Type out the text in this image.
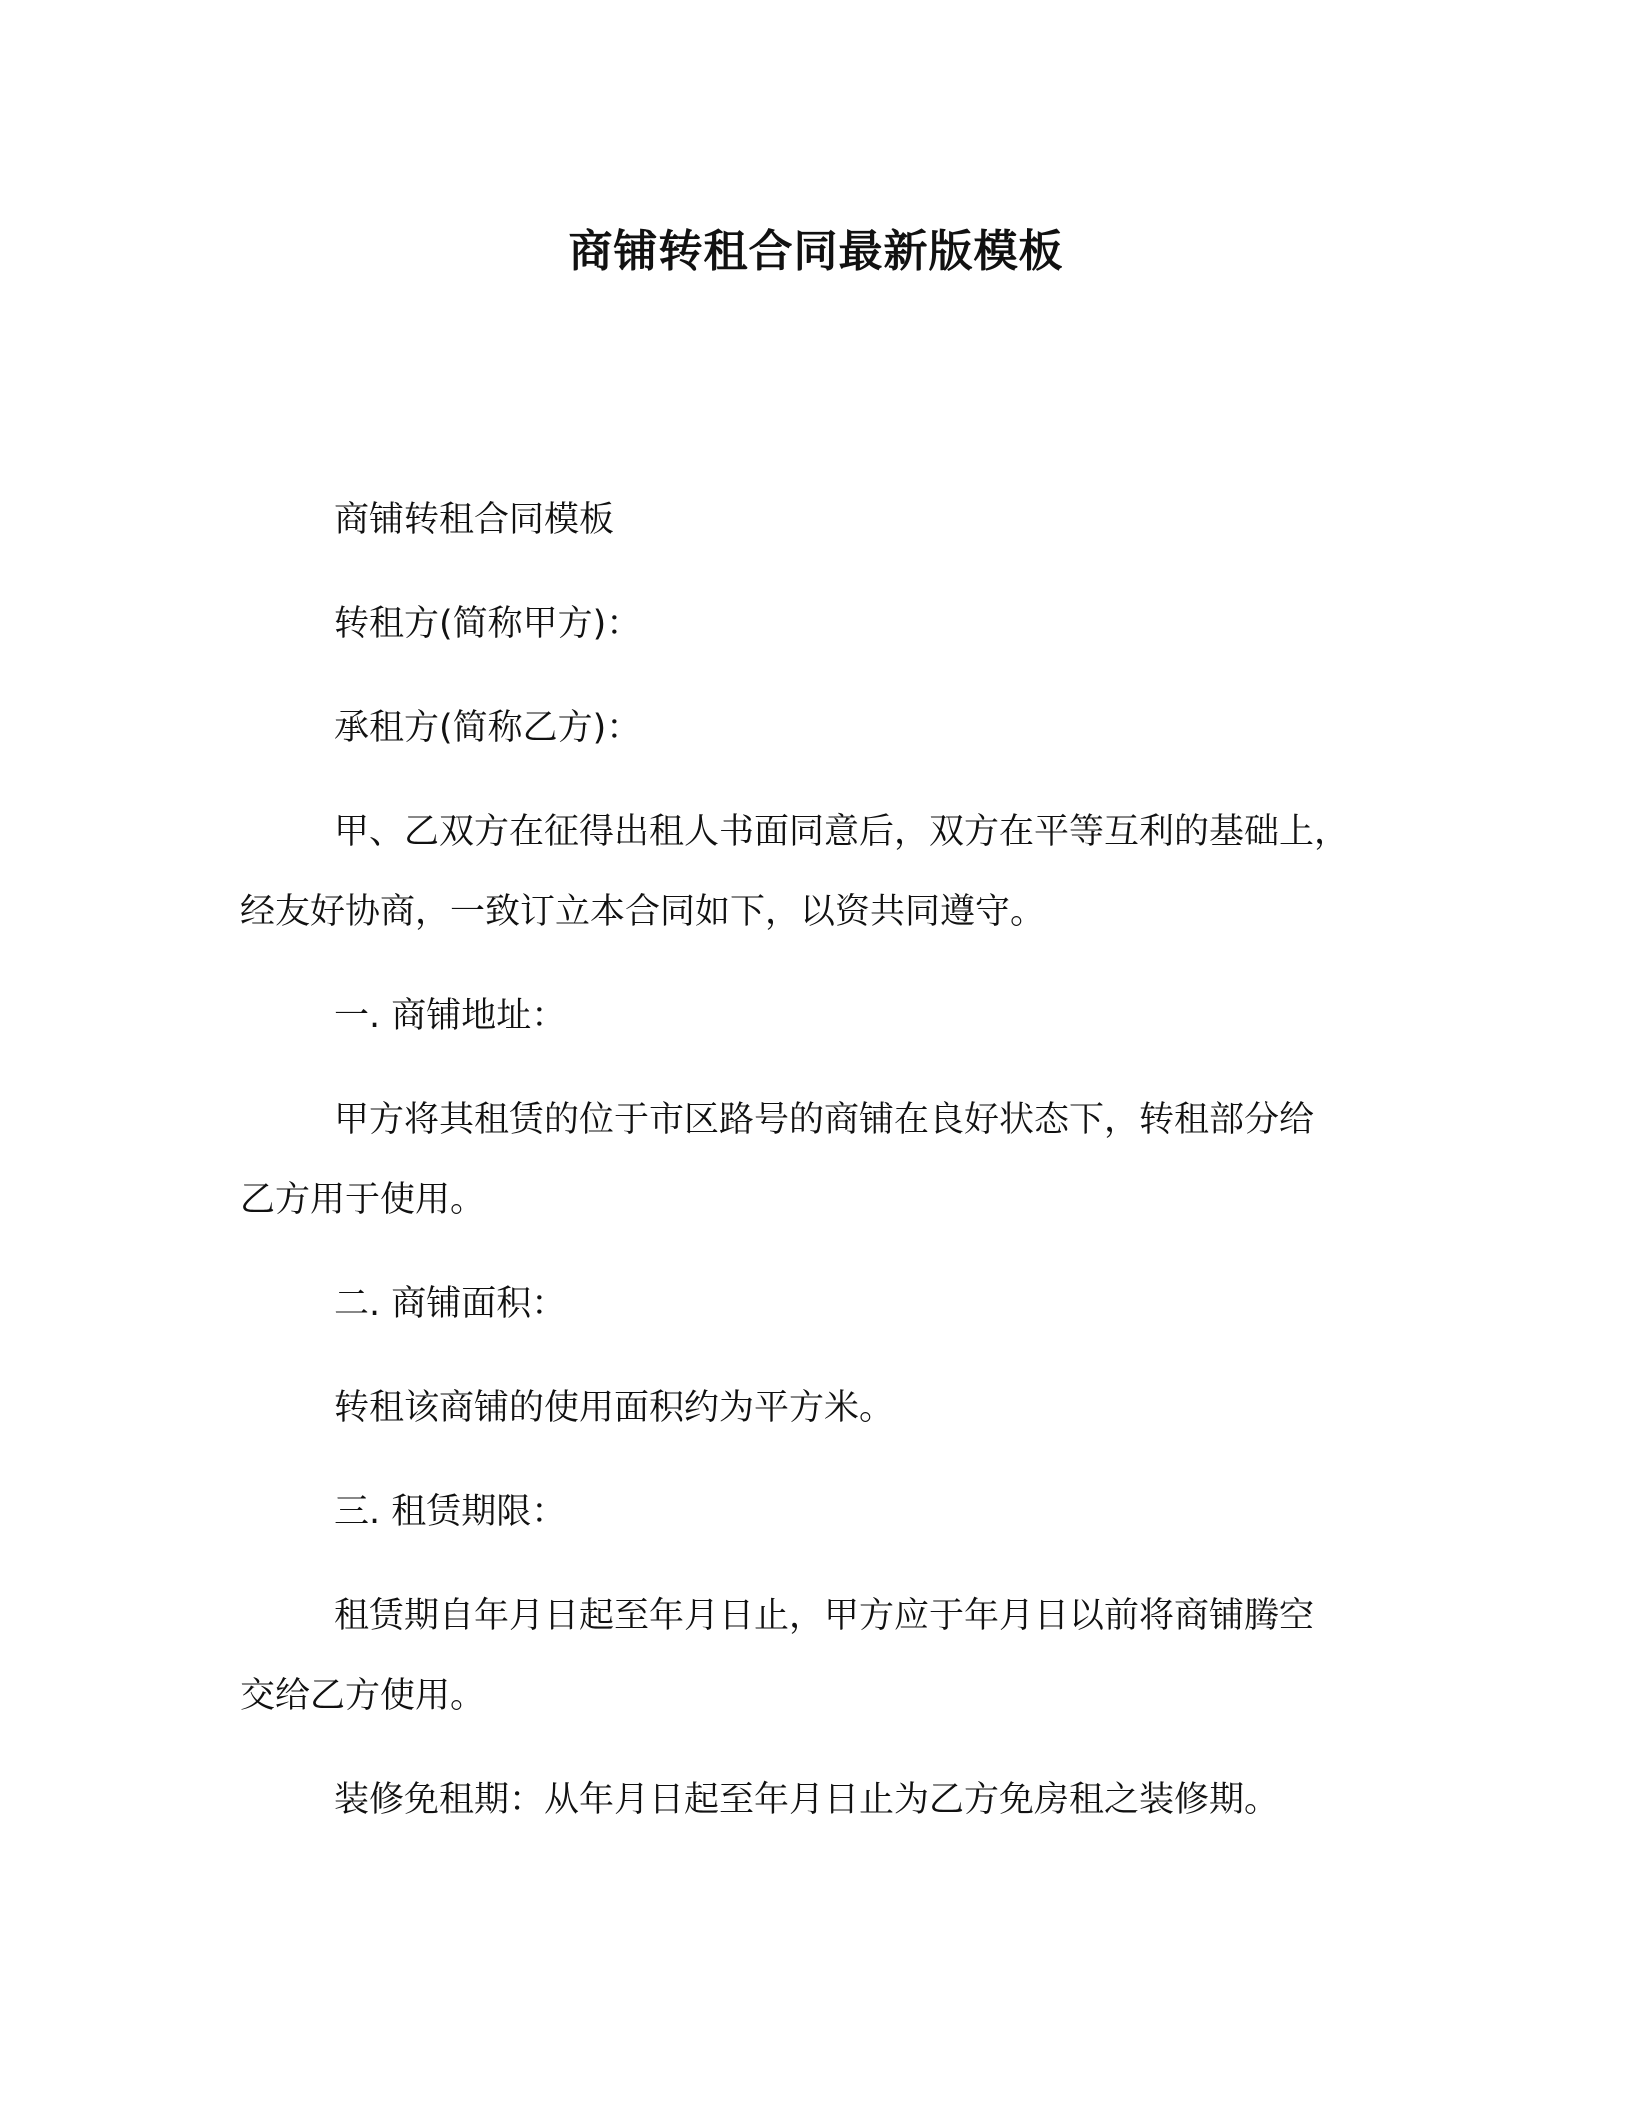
商铺转租合同最新版模板

商铺转租合同模板

转租方(简称甲方)：

承租方(简称乙方)：

甲、乙双方在征得出租人书面同意后，双方在平等互利的基础上，
经友好协商，一致订立本合同如下，以资共同遵守。

一. 商铺地址：

甲方将其租赁的位于市区路号的商铺在良好状态下，转租部分给
乙方用于使用。

二. 商铺面积：

转租该商铺的使用面积约为平方米。

三. 租赁期限：

租赁期自年月日起至年月日止，甲方应于年月日以前将商铺腾空
交给乙方使用。

装修免租期：从年月日起至年月日止为乙方免房租之装修期。
